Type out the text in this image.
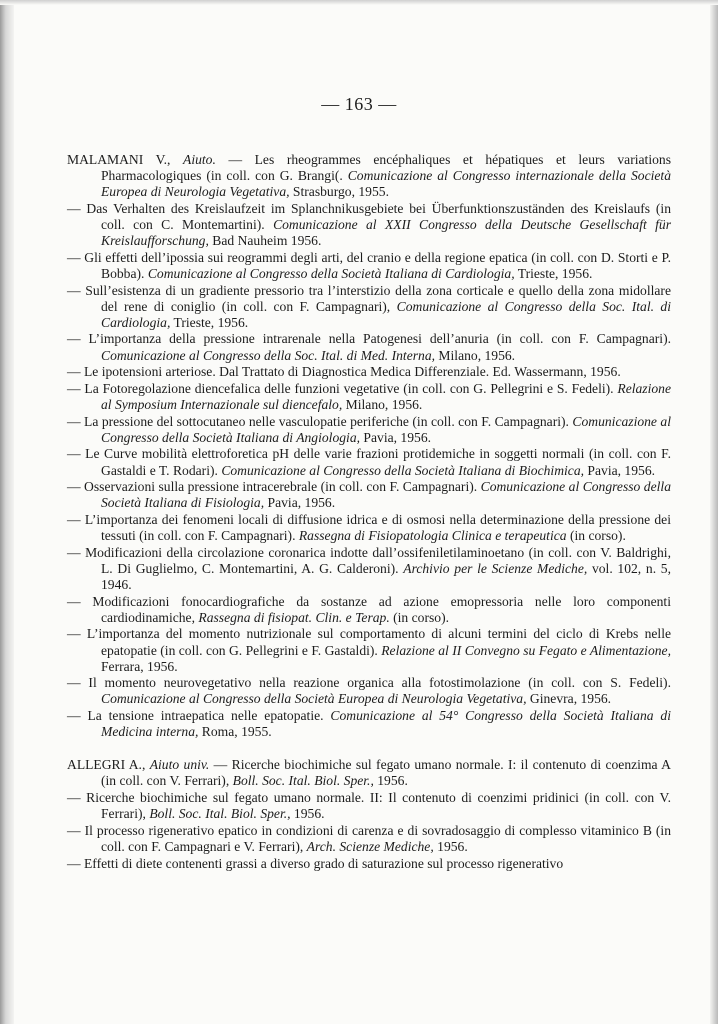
— 163 —

MALAMANI V., Aiuto. — Les rheogrammes encéphaliques et hépatiques et leurs variations Pharmacologiques (in coll. con G. Brangi(. Comunicazione al Congresso internazionale della Società Europea di Neurologia Vegetativa, Strasburgo, 1955.

— Das Verhalten des Kreislaufzeit im Splanchnikusgebiete bei Überfunktionszuständen des Kreislaufs (in coll. con C. Montemartini). Comunicazione al XXII Congresso della Deutsche Gesellschaft für Kreislaufforschung, Bad Nauheim 1956.

— Gli effetti dell’ipossia sui reogrammi degli arti, del cranio e della regione epatica (in coll. con D. Storti e P. Bobba). Comunicazione al Congresso della Società Italiana di Cardiologia, Trieste, 1956.

— Sull’esistenza di un gradiente pressorio tra l’interstizio della zona corticale e quello della zona midollare del rene di coniglio (in coll. con F. Campagnari), Comunicazione al Congresso della Soc. Ital. di Cardiologia, Trieste, 1956.

— L’importanza della pressione intrarenale nella Patogenesi dell’anuria (in coll. con F. Campagnari). Comunicazione al Congresso della Soc. Ital. di Med. Interna, Milano, 1956.

— Le ipotensioni arteriose. Dal Trattato di Diagnostica Medica Differenziale. Ed. Wassermann, 1956.

— La Fotoregolazione diencefalica delle funzioni vegetative (in coll. con G. Pellegrini e S. Fedeli). Relazione al Symposium Internazionale sul diencefalo, Milano, 1956.

— La pressione del sottocutaneo nelle vasculopatie periferiche (in coll. con F. Campagnari). Comunicazione al Congresso della Società Italiana di Angiologia, Pavia, 1956.

— Le Curve mobilità elettroforetica pH delle varie frazioni protidemiche in soggetti normali (in coll. con F. Gastaldi e T. Rodari). Comunicazione al Congresso della Società Italiana di Biochimica, Pavia, 1956.

— Osservazioni sulla pressione intracerebrale (in coll. con F. Campagnari). Comunicazione al Congresso della Società Italiana di Fisiologia, Pavia, 1956.

— L’importanza dei fenomeni locali di diffusione idrica e di osmosi nella determinazione della pressione dei tessuti (in coll. con F. Campagnari). Rassegna di Fisiopatologia Clinica e terapeutica (in corso).

— Modificazioni della circolazione coronarica indotte dall’ossifeniletilaminoetano (in coll. con V. Baldrighi, L. Di Guglielmo, C. Montemartini, A. G. Calderoni). Archivio per le Scienze Mediche, vol. 102, n. 5, 1946.

— Modificazioni fonocardiografiche da sostanze ad azione emopressoria nelle loro componenti cardiodinamiche, Rassegna di fisiopat. Clin. e Terap. (in corso).

— L’importanza del momento nutrizionale sul comportamento di alcuni termini del ciclo di Krebs nelle epatopatie (in coll. con G. Pellegrini e F. Gastaldi). Relazione al II Convegno su Fegato e Alimentazione, Ferrara, 1956.

— Il momento neurovegetativo nella reazione organica alla fotostimolazione (in coll. con S. Fedeli). Comunicazione al Congresso della Società Europea di Neurologia Vegetativa, Ginevra, 1956.

— La tensione intraepatica nelle epatopatie. Comunicazione al 54° Congresso della Società Italiana di Medicina interna, Roma, 1955.

ALLEGRI A., Aiuto univ. — Ricerche biochimiche sul fegato umano normale. I: il contenuto di coenzima A (in coll. con V. Ferrari), Boll. Soc. Ital. Biol. Sper., 1956.

— Ricerche biochimiche sul fegato umano normale. II: Il contenuto di coenzimi pridinici (in coll. con V. Ferrari), Boll. Soc. Ital. Biol. Sper., 1956.

— Il processo rigenerativo epatico in condizioni di carenza e di sovradosaggio di complesso vitaminico B (in coll. con F. Campagnari e V. Ferrari), Arch. Scienze Mediche, 1956.

— Effetti di diete contenenti grassi a diverso grado di saturazione sul processo rigenerativo
